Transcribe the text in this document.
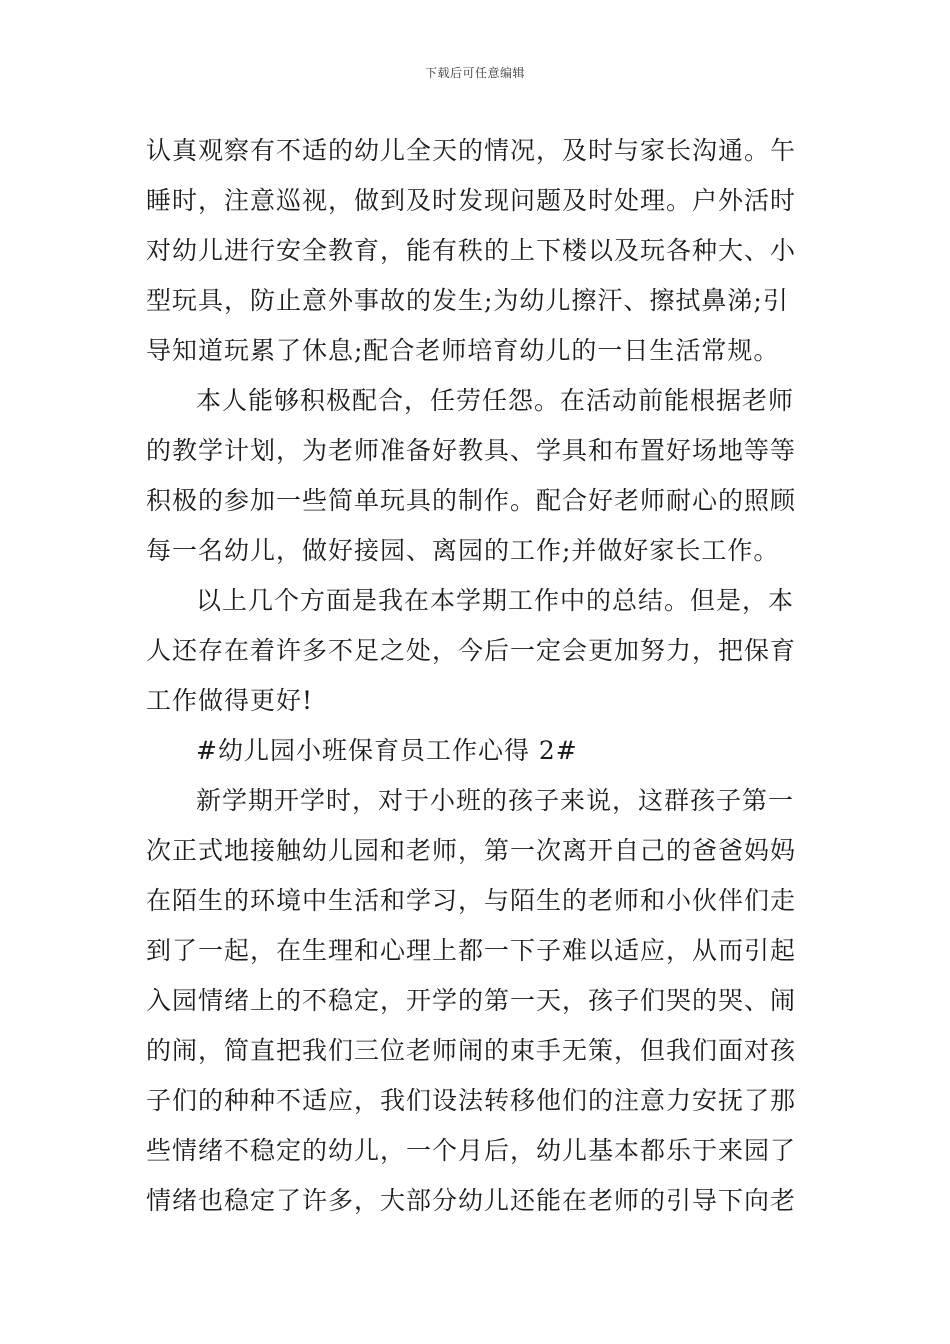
下载后可任意编辑
认真观察有不适的幼儿全天的情况，及时与家长沟通。午
睡时，注意巡视，做到及时发现问题及时处理。户外活时
对幼儿进行安全教育，能有秩的上下楼以及玩各种大、小
型玩具，防止意外事故的发生;为幼儿擦汗、擦拭鼻涕;引
导知道玩累了休息;配合老师培育幼儿的一日生活常规。
本人能够积极配合，任劳任怨。在活动前能根据老师
的教学计划，为老师准备好教具、学具和布置好场地等等
积极的参加一些简单玩具的制作。配合好老师耐心的照顾
每一名幼儿，做好接园、离园的工作;并做好家长工作。
以上几个方面是我在本学期工作中的总结。但是，本
人还存在着许多不足之处，今后一定会更加努力，把保育
工作做得更好!
#幼儿园小班保育员工作心得 2#
新学期开学时，对于小班的孩子来说，这群孩子第一
次正式地接触幼儿园和老师，第一次离开自己的爸爸妈妈
在陌生的环境中生活和学习，与陌生的老师和小伙伴们走
到了一起，在生理和心理上都一下子难以适应，从而引起
入园情绪上的不稳定，开学的第一天，孩子们哭的哭、闹
的闹，简直把我们三位老师闹的束手无策，但我们面对孩
子们的种种不适应，我们设法转移他们的注意力安抚了那
些情绪不稳定的幼儿，一个月后，幼儿基本都乐于来园了
情绪也稳定了许多，大部分幼儿还能在老师的引导下向老
